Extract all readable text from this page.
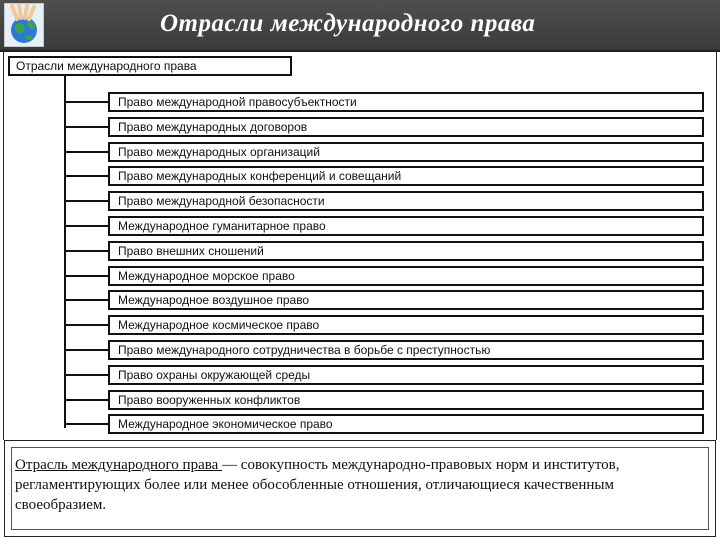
Отрасли международного права
Отрасли международного права
Право международной правосубъектности
Право международных договоров
Право международных организаций
Право международных конференций и совещаний
Право международной безопасности
Международное гуманитарное право
Право внешних сношений
Международное морское право
Международное воздушное право
Международное космическое право
Право международного сотрудничества в борьбе с преступностью
Право охраны окружающей среды
Право вооруженных конфликтов
Международное экономическое право
Отрасль международного права — совокупность международно-правовых норм и институтов, регламентирующих более или менее обособленные отношения, отличающиеся качественным своеобразием.
